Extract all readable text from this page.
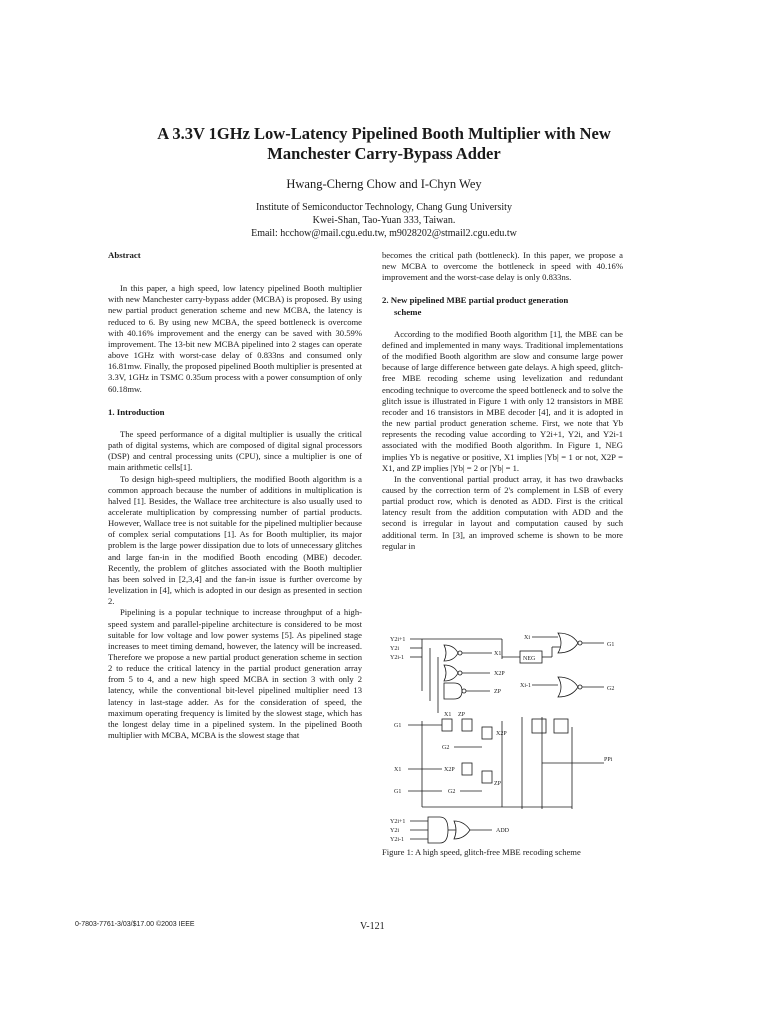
A 3.3V 1GHz Low-Latency Pipelined Booth Multiplier with New
Manchester Carry-Bypass Adder
Hwang-Cherng Chow and I-Chyn Wey
Institute of Semiconductor Technology, Chang Gung University
Kwei-Shan, Tao-Yuan 333, Taiwan.
Email: hcchow@mail.cgu.edu.tw, m9028202@stmail2.cgu.edu.tw
Abstract

In this paper, a high speed, low latency pipelined Booth multiplier with new Manchester carry-bypass adder (MCBA) is proposed. By using new partial product generation scheme and new MCBA, the latency is reduced to 6. By using new MCBA, the speed bottleneck is overcome with 40.16% improvement and the energy can be saved with 30.59% improvement. The 13-bit new MCBA pipelined into 2 stages can operate above 1GHz with worst-case delay of 0.833ns and consumed only 16.81mw. Finally, the proposed pipelined Booth multiplier is presented at 3.3V, 1GHz in TSMC 0.35um process with a power consumption of only 60.18mw.

1. Introduction

The speed performance of a digital multiplier is usually the critical path of digital systems, which are composed of digital signal processors (DSP) and central processing units (CPU), since a multiplier is one of main arithmetic cells[1].

To design high-speed multipliers, the modified Booth algorithm is a common approach because the number of additions in multiplication is halved [1]. Besides, the Wallace tree architecture is also usually used to accelerate multiplication by compressing number of partial products. However, Wallace tree is not suitable for the pipelined multiplier because of complex serial computations [1]. As for Booth multiplier, its major problem is the large power dissipation due to lots of unnecessary glitches and large fan-in in the modified Booth encoding (MBE) decoder. Recently, the problem of glitches associated with the Booth multiplier has been solved in [2,3,4] and the fan-in issue is further overcome by levelization in [4], which is adopted in our design as presented in section 2.

Pipelining is a popular technique to increase throughput of a high-speed system and parallel-pipeline architecture is considered to be most suitable for low voltage and low power systems [5]. As pipelined stage increases to meet timing demand, however, the latency will be increased. Therefore we propose a new partial product generation scheme in section 2 to reduce the critical latency in the partial product generation array from 5 to 4, and a new high speed MCBA in section 3 with only 2 latency, while the conventional bit-level pipelined multiplier need 13 latency in last-stage adder. As for the consideration of speed, the maximum operating frequency is limited by the slowest stage, which has the longest delay time in a pipelined system. In the pipelined Booth multiplier with MCBA, MCBA is the slowest stage that

becomes the critical path (bottleneck). In this paper, we propose a new MCBA to overcome the bottleneck in speed with 40.16% improvement and the worst-case delay is only 0.833ns.

2. New pipelined MBE partial product generation
scheme

According to the modified Booth algorithm [1], the MBE can be defined and implemented in many ways. Traditional implementations of the modified Booth algorithm are slow and consume large power because of large difference between gate delays. A high speed, glitch-free MBE recoding scheme using levelization and redundant encoding technique to overcome the speed bottleneck and to solve the glitch issue is illustrated in Figure 1 with only 12 transistors in MBE recoder and 16 transistors in MBE decoder [4], and it is adopted in the new partial product generation scheme. First, we note that Yb represents the recoding value according to Y2i+1, Y2i, and Y2i-1 associated with the modified Booth algorithm. In Figure 1, NEG implies Yb is negative or positive, X1 implies |Yb| = 1 or not, X2P = X1, and ZP implies |Yb| = 2 or |Yb| = 1.

In the conventional partial product array, it has two drawbacks caused by the correction term of 2's complement in LSB of every partial product row, which is denoted as ADD. First is the critical latency result from the addition computation with ADD and the second is irregular in layout and computation caused by such additional term. In [3], an improved scheme is shown to be more regular in

Y2i+1
Y2i
Y2i-1
X1
NEG
Xi
G1
X2P
ZP
Xi-1	G2
G1
X1 ZP
X2P
G2
PPi
X1	X2P
ZP
G1	G2
Y2i+1
Y2i
Y2i-1
ADD
Figure 1: A high speed, glitch-free MBE recoding scheme
0-7803-7761-3/03/$17.00 ©2003 IEEE	V-121
